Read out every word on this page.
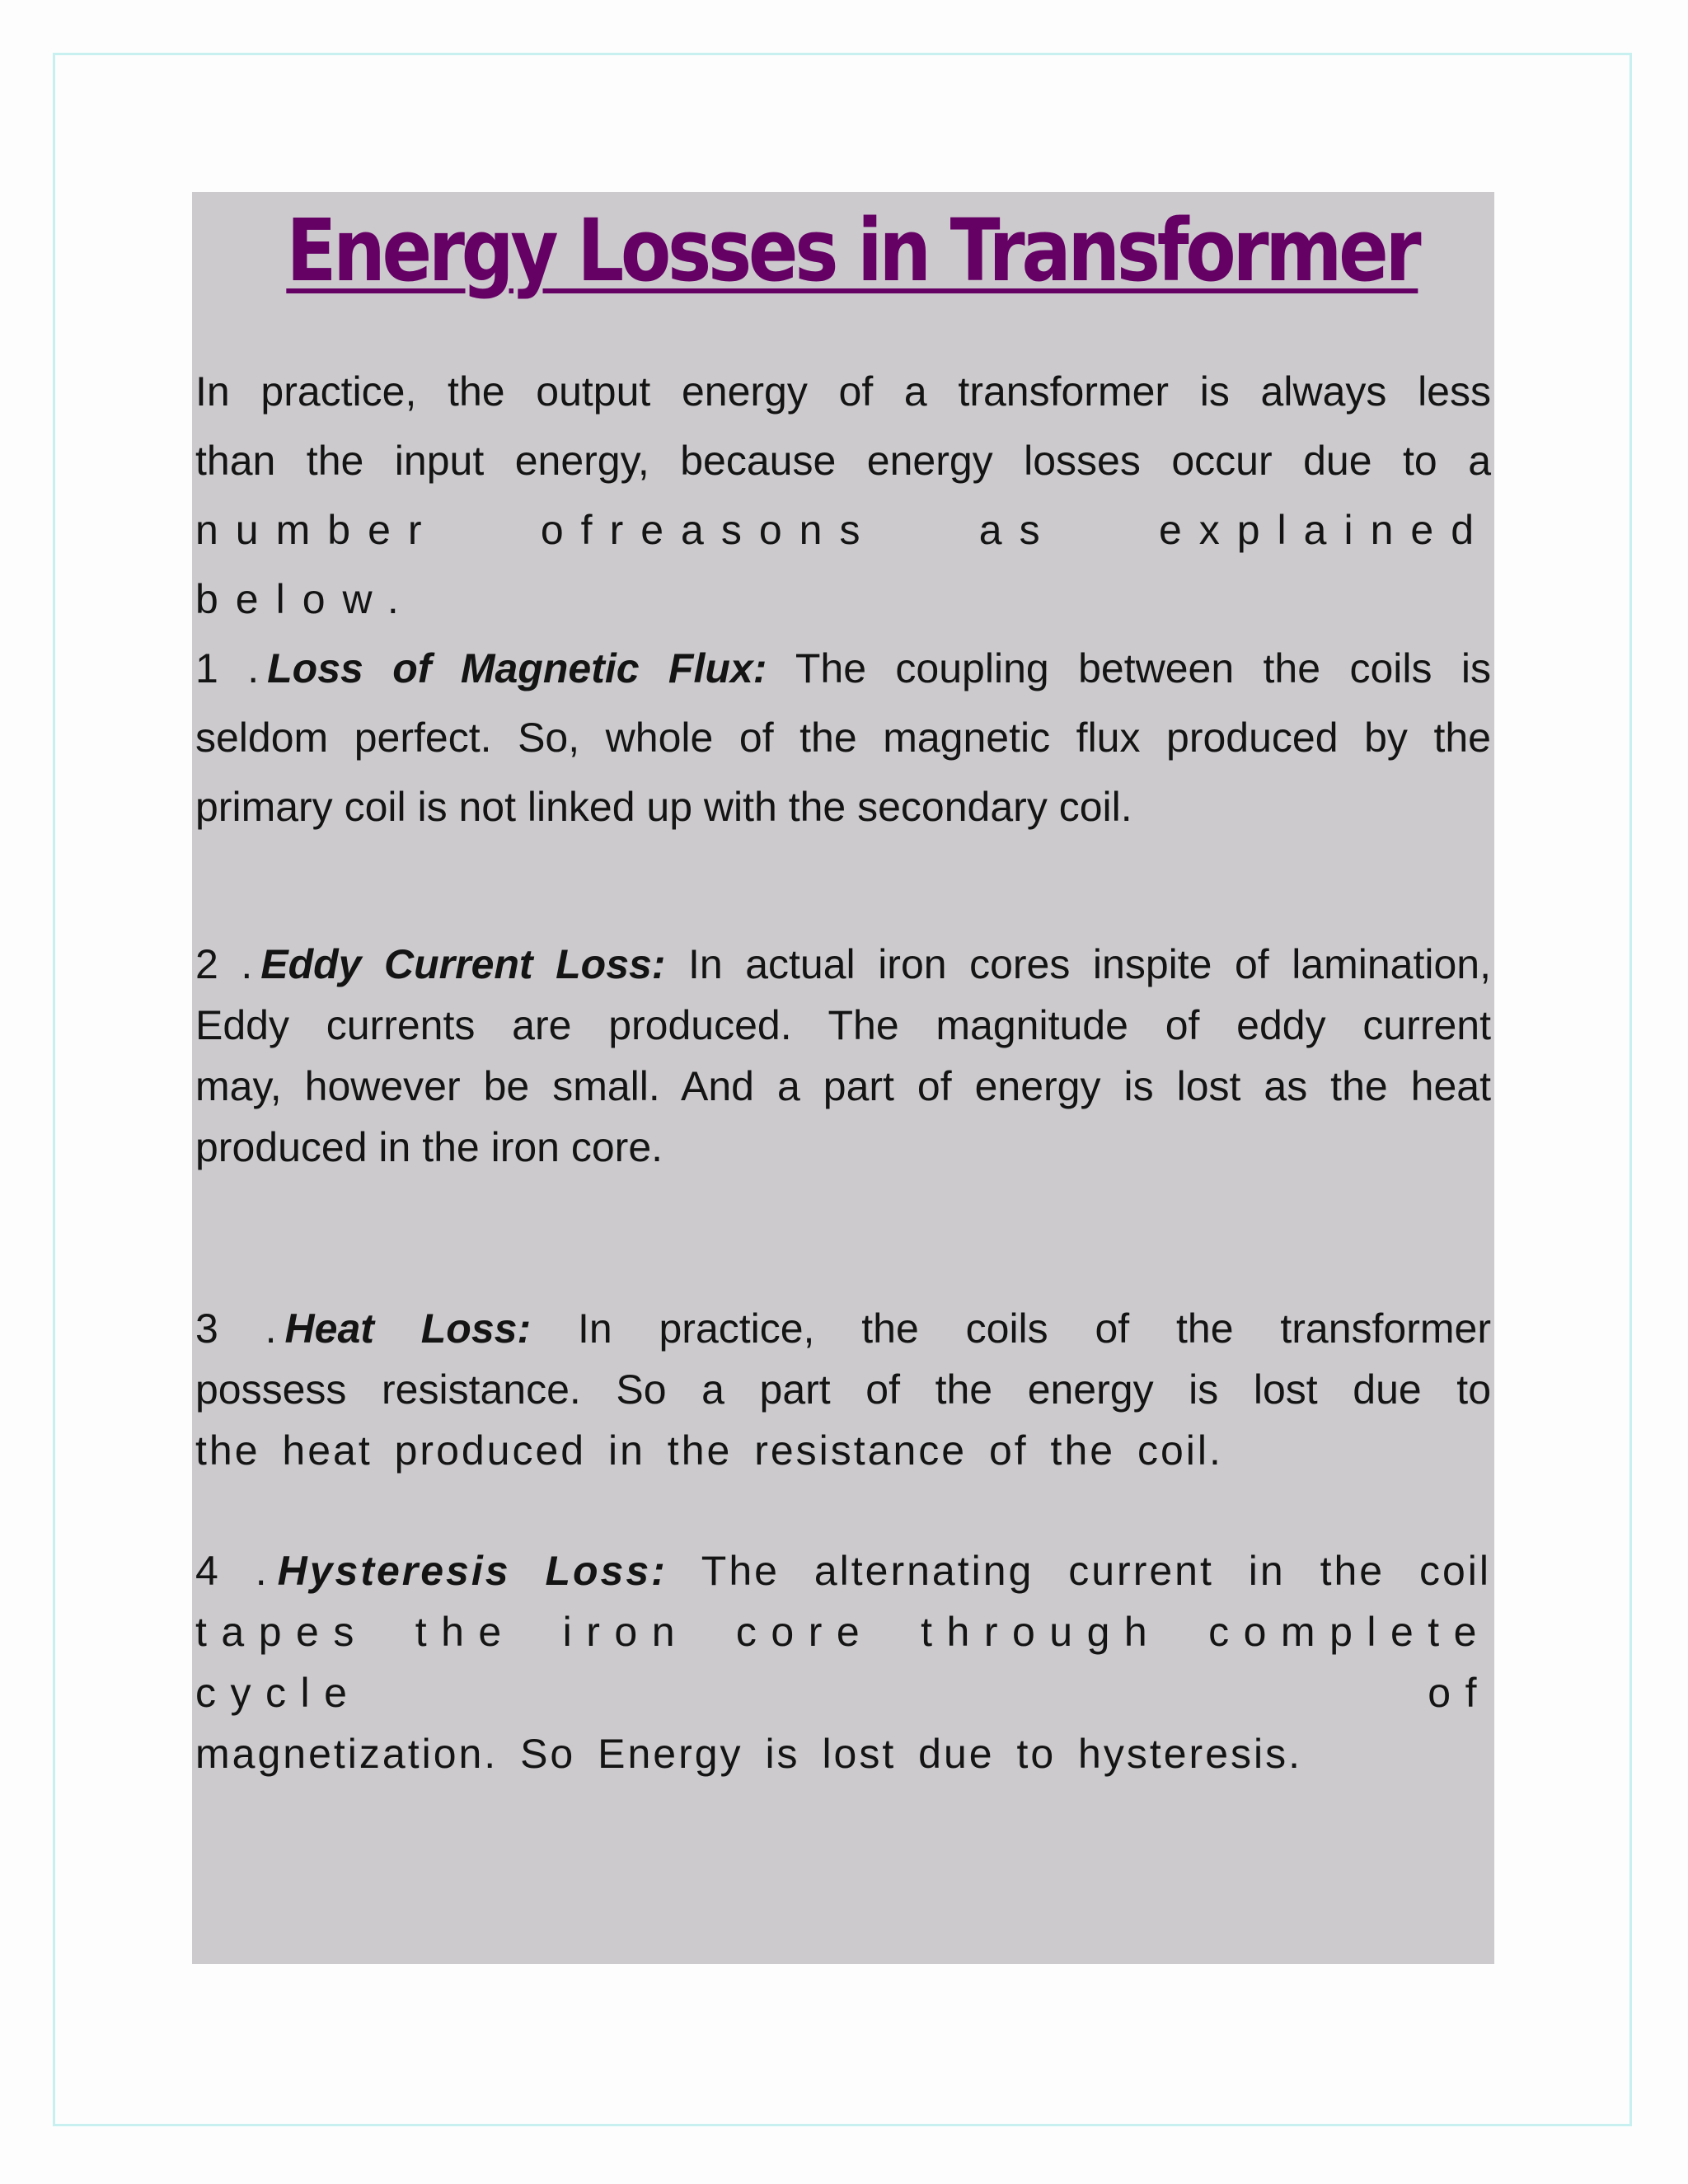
Energy Losses in Transformer
In practice, the output energy of a transformer is always less
than the input energy, because energy losses occur due to a
number ofreasons as explained below.

1 . Loss of Magnetic Flux: The coupling between the coils is

seldom perfect. So, whole of the magnetic flux produced by the

primary coil is not linked up with the secondary coil.

2 . Eddy Current Loss: In actual iron cores inspite of lamination,

Eddy currents are produced. The magnitude of eddy current

may, however be small. And a part of energy is lost as the heat

produced in the iron core.

3 . Heat Loss: In practice, the coils of the transformer

possess resistance. So a part of the energy is lost due to

the heat produced in the resistance of the coil.

4 . Hysteresis Loss: The alternating current in the coil

tapes the iron core through complete cycle of

magnetization. So Energy is lost due to hysteresis.
